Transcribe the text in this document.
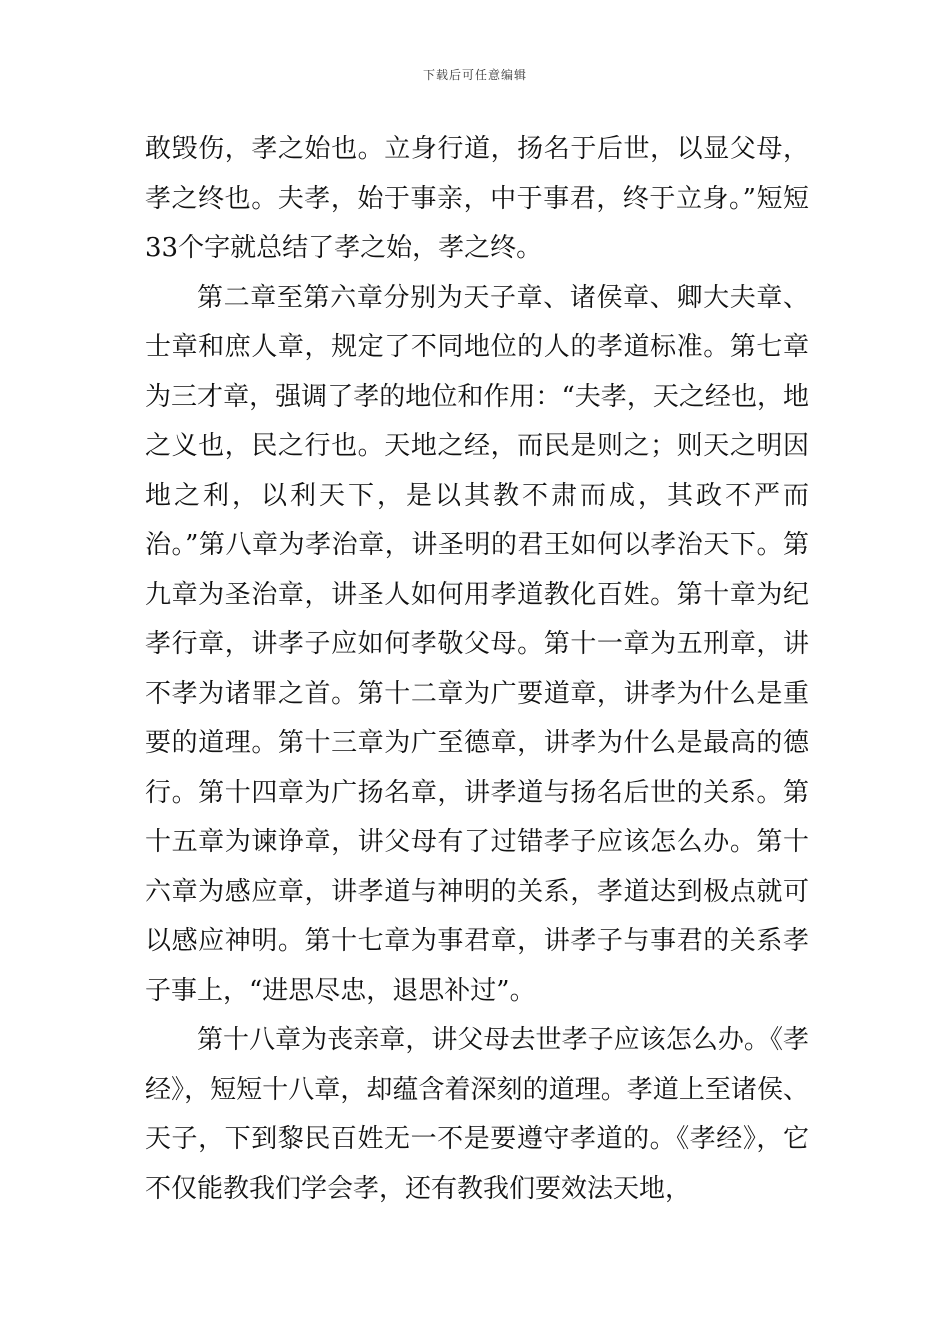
下载后可任意编辑

敢毁伤，孝之始也。立身行道，扬名于后世，以显父母，孝之终也。夫孝，始于事亲，中于事君，终于立身。”短短33个字就总结了孝之始，孝之终。

第二章至第六章分别为天子章、诸侯章、卿大夫章、士章和庶人章，规定了不同地位的人的孝道标准。第七章为三才章，强调了孝的地位和作用：“夫孝，天之经也，地之义也，民之行也。天地之经，而民是则之；则天之明因地之利，以利天下，是以其教不肃而成，其政不严而治。”第八章为孝治章，讲圣明的君王如何以孝治天下。第九章为圣治章，讲圣人如何用孝道教化百姓。第十章为纪孝行章，讲孝子应如何孝敬父母。第十一章为五刑章，讲不孝为诸罪之首。第十二章为广要道章，讲孝为什么是重要的道理。第十三章为广至德章，讲孝为什么是最高的德行。第十四章为广扬名章，讲孝道与扬名后世的关系。第十五章为谏诤章，讲父母有了过错孝子应该怎么办。第十六章为感应章，讲孝道与神明的关系，孝道达到极点就可以感应神明。第十七章为事君章，讲孝子与事君的关系孝子事上，“进思尽忠，退思补过”。

第十八章为丧亲章，讲父母去世孝子应该怎么办。《孝经》，短短十八章，却蕴含着深刻的道理。孝道上至诸侯、天子，下到黎民百姓无一不是要遵守孝道的。《孝经》，它不仅能教我们学会孝，还有教我们要效法天地，
